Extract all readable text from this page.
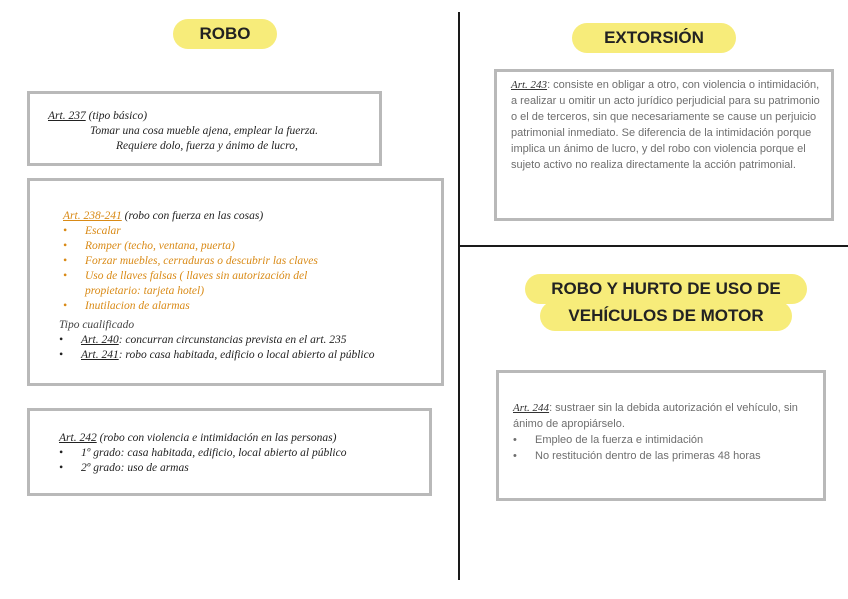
ROBO
Art. 237 (tipo básico)
Tomar una cosa mueble ajena, emplear la fuerza.
Requiere dolo, fuerza y ánimo de lucro,
Art. 238-241 (robo con fuerza en las cosas)
• Escalar
• Romper (techo, ventana, puerta)
• Forzar muebles, cerraduras o descubrir las claves
• Uso de llaves falsas ( llaves sin autorización del propietario: tarjeta hotel)
• Inutilacion de alarmas
Tipo cualificado
• Art. 240: concurran circunstancias prevista en el art. 235
• Art. 241: robo casa habitada, edificio o local abierto al público
Art. 242 (robo con violencia e intimidación en las personas)
• 1º grado: casa habitada, edificio, local abierto al público
• 2º grado: uso de armas
EXTORSIÓN
Art. 243: consiste en obligar a otro, con violencia o intimidación, a realizar u omitir un acto jurídico perjudicial para su patrimonio o el de terceros, sin que necesariamente se cause un perjuicio patrimonial inmediato. Se diferencia de la intimidación porque implica un ánimo de lucro, y del robo con violencia porque el sujeto activo no realiza directamente la acción patrimonial.
ROBO Y HURTO DE USO DE
VEHÍCULOS DE MOTOR
Art. 244: sustraer sin la debida autorización el vehículo, sin ánimo de apropiárselo.
• Empleo de la fuerza e intimidación
• No restitución dentro de las primeras 48 horas
